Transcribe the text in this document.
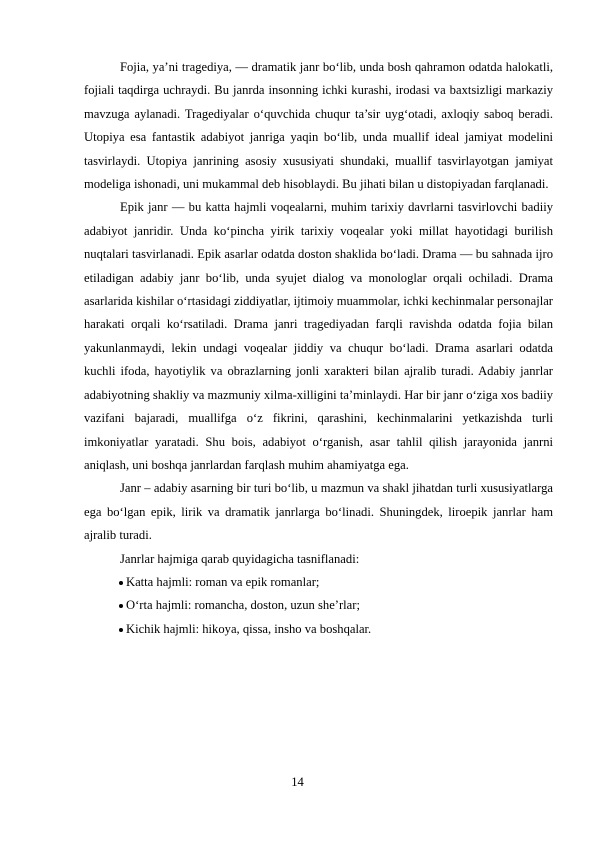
Fojia, ya’ni tragediya, — dramatik janr bo‘lib, unda bosh qahramon odatda halokatli, fojiali taqdirga uchraydi. Bu janrda insonning ichki kurashi, irodasi va baxtsizligi markaziy mavzuga aylanadi. Tragediyalar o‘quvchida chuqur ta’sir uyg‘otadi, axloqiy saboq beradi. Utopiya esa fantastik adabiyot janriga yaqin bo‘lib, unda muallif ideal jamiyat modelini tasvirlaydi. Utopiya janrining asosiy xususiyati shundaki, muallif tasvirlayotgan jamiyat modeliga ishonadi, uni mukammal deb hisoblaydi. Bu jihati bilan u distopiyadan farqlanadi.

Epik janr — bu katta hajmli voqealarni, muhim tarixiy davrlarni tasvirlovchi badiiy adabiyot janridir. Unda ko‘pincha yirik tarixiy voqealar yoki millat hayotidagi burilish nuqtalari tasvirlanadi. Epik asarlar odatda doston shaklida bo‘ladi. Drama — bu sahnada ijro etiladigan adabiy janr bo‘lib, unda syujet dialog va monologlar orqali ochiladi. Drama asarlarida kishilar o‘rtasidagi ziddiyatlar, ijtimoiy muammolar, ichki kechinmalar personajlar harakati orqali ko‘rsatiladi. Drama janri tragediyadan farqli ravishda odatda fojia bilan yakunlanmaydi, lekin undagi voqealar jiddiy va chuqur bo‘ladi. Drama asarlari odatda kuchli ifoda, hayotiylik va obrazlarning jonli xarakteri bilan ajralib turadi. Adabiy janrlar adabiyotning shakliy va mazmuniy xilma-xilligini ta’minlaydi. Har bir janr o‘ziga xos badiiy vazifani bajaradi, muallifga o‘z fikrini, qarashini, kechinmalarini yetkazishda turli imkoniyatlar yaratadi. Shu bois, adabiyot o‘rganish, asar tahlil qilish jarayonida janrni aniqlash, uni boshqa janrlardan farqlash muhim ahamiyatga ega.

Janr – adabiy asarning bir turi bo‘lib, u mazmun va shakl jihatdan turli xususiyatlarga ega bo‘lgan epik, lirik va dramatik janrlarga bo‘linadi. Shuningdek, liroepik janrlar ham ajralib turadi.

Janrlar hajmiga qarab quyidagicha tasniflanadi:

Katta hajmli: roman va epik romanlar;
O‘rta hajmli: romancha, doston, uzun she’rlar;
Kichik hajmli: hikoya, qissa, insho va boshqalar.
14
